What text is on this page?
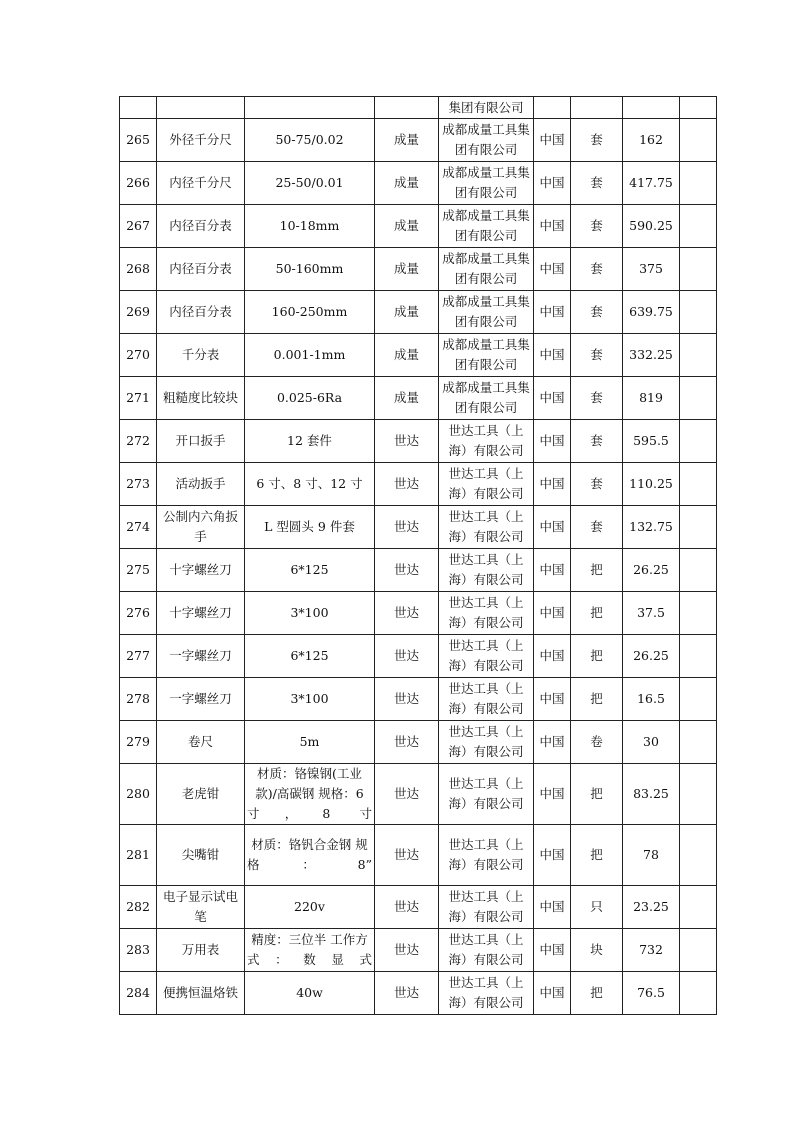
				集团有限公司				
265	外径千分尺	50-75/0.02	成量	成都成量工具集团有限公司	中国	套	162	
266	内径千分尺	25-50/0.01	成量	成都成量工具集团有限公司	中国	套	417.75	
267	内径百分表	10-18mm	成量	成都成量工具集团有限公司	中国	套	590.25	
268	内径百分表	50-160mm	成量	成都成量工具集团有限公司	中国	套	375	
269	内径百分表	160-250mm	成量	成都成量工具集团有限公司	中国	套	639.75	
270	千分表	0.001-1mm	成量	成都成量工具集团有限公司	中国	套	332.25	
271	粗糙度比较块	0.025-6Ra	成量	成都成量工具集团有限公司	中国	套	819	
272	开口扳手	12 套件	世达	世达工具（上海）有限公司	中国	套	595.5	
273	活动扳手	6 寸、8 寸、12 寸	世达	世达工具（上海）有限公司	中国	套	110.25	
274	公制内六角扳手	L 型圆头 9 件套	世达	世达工具（上海）有限公司	中国	套	132.75	
275	十字螺丝刀	6*125	世达	世达工具（上海）有限公司	中国	把	26.25	
276	十字螺丝刀	3*100	世达	世达工具（上海）有限公司	中国	把	37.5	
277	一字螺丝刀	6*125	世达	世达工具（上海）有限公司	中国	把	26.25	
278	一字螺丝刀	3*100	世达	世达工具（上海）有限公司	中国	把	16.5	
279	卷尺	5m	世达	世达工具（上海）有限公司	中国	卷	30	
280	老虎钳	材质：铬镍钢(工业款)/高碳钢 规格：6 寸，8 寸	世达	世达工具（上海）有限公司	中国	把	83.25	
281	尖嘴钳	材质：铬钒合金钢 规格：8”	世达	世达工具（上海）有限公司	中国	把	78	
282	电子显示试电笔	220v	世达	世达工具（上海）有限公司	中国	只	23.25	
283	万用表	精度：三位半 工作方式：数显式	世达	世达工具（上海）有限公司	中国	块	732	
284	便携恒温烙铁	40w	世达	世达工具（上海）有限公司	中国	把	76.5	
